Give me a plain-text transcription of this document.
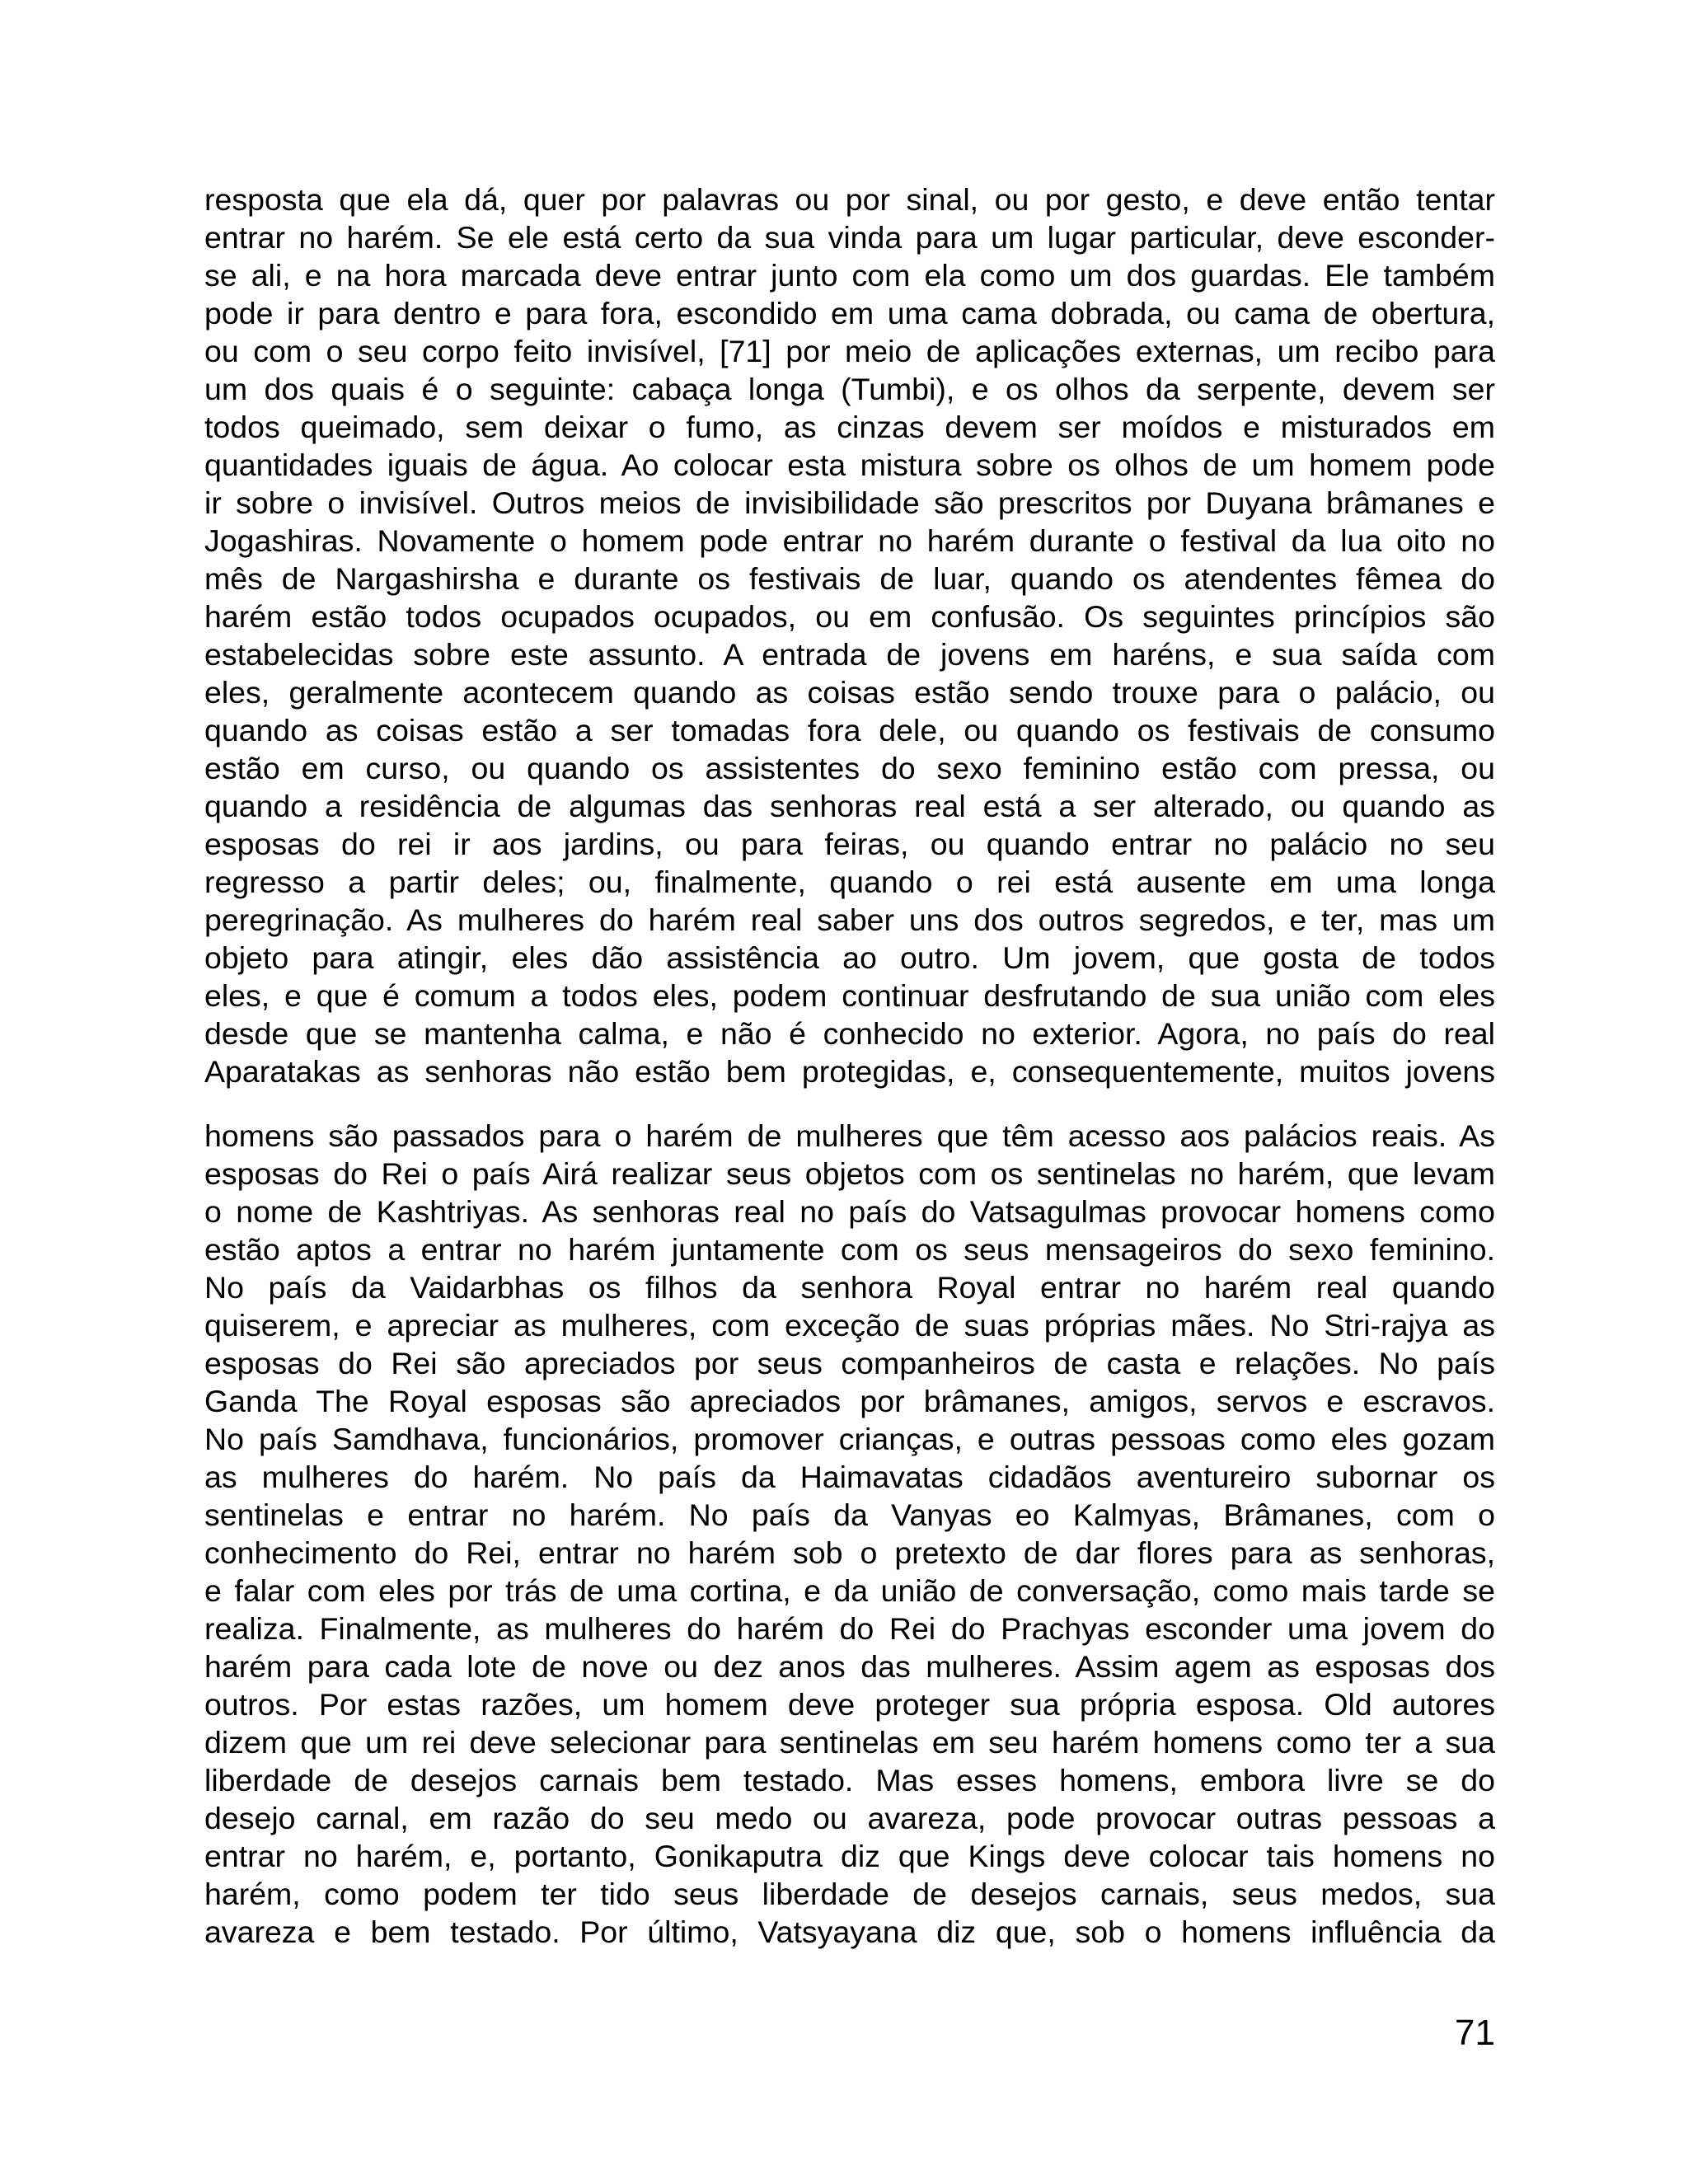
resposta que ela dá, quer por palavras ou por sinal, ou por gesto, e deve então tentar
entrar no harém. Se ele está certo da sua vinda para um lugar particular, deve esconder-
se ali, e na hora marcada deve entrar junto com ela como um dos guardas. Ele também
pode ir para dentro e para fora, escondido em uma cama dobrada, ou cama de obertura,
ou com o seu corpo feito invisível, [71] por meio de aplicações externas, um recibo para
um dos quais é o seguinte: cabaça longa (Tumbi), e os olhos da serpente, devem ser
todos queimado, sem deixar o fumo, as cinzas devem ser moídos e misturados em
quantidades iguais de água. Ao colocar esta mistura sobre os olhos de um homem pode
ir sobre o invisível. Outros meios de invisibilidade são prescritos por Duyana brâmanes e
Jogashiras. Novamente o homem pode entrar no harém durante o festival da lua oito no
mês de Nargashirsha e durante os festivais de luar, quando os atendentes fêmea do
harém estão todos ocupados ocupados, ou em confusão. Os seguintes princípios são
estabelecidas sobre este assunto. A entrada de jovens em haréns, e sua saída com
eles, geralmente acontecem quando as coisas estão sendo trouxe para o palácio, ou
quando as coisas estão a ser tomadas fora dele, ou quando os festivais de consumo
estão em curso, ou quando os assistentes do sexo feminino estão com pressa, ou
quando a residência de algumas das senhoras real está a ser alterado, ou quando as
esposas do rei ir aos jardins, ou para feiras, ou quando entrar no palácio no seu
regresso a partir deles; ou, finalmente, quando o rei está ausente em uma longa
peregrinação. As mulheres do harém real saber uns dos outros segredos, e ter, mas um
objeto para atingir, eles dão assistência ao outro. Um jovem, que gosta de todos
eles, e que é comum a todos eles, podem continuar desfrutando de sua união com eles
desde que se mantenha calma, e não é conhecido no exterior. Agora, no país do real
Aparatakas as senhoras não estão bem protegidas, e, consequentemente, muitos jovens
homens são passados para o harém de mulheres que têm acesso aos palácios reais. As
esposas do Rei o país Airá realizar seus objetos com os sentinelas no harém, que levam
o nome de Kashtriyas. As senhoras real no país do Vatsagulmas provocar homens como
estão aptos a entrar no harém juntamente com os seus mensageiros do sexo feminino.
No país da Vaidarbhas os filhos da senhora Royal entrar no harém real quando
quiserem, e apreciar as mulheres, com exceção de suas próprias mães. No Stri-rajya as
esposas do Rei são apreciados por seus companheiros de casta e relações. No país
Ganda The Royal esposas são apreciados por brâmanes, amigos, servos e escravos.
No país Samdhava, funcionários, promover crianças, e outras pessoas como eles gozam
as mulheres do harém. No país da Haimavatas cidadãos aventureiro subornar os
sentinelas e entrar no harém. No país da Vanyas eo Kalmyas, Brâmanes, com o
conhecimento do Rei, entrar no harém sob o pretexto de dar flores para as senhoras,
e falar com eles por trás de uma cortina, e da união de conversação, como mais tarde se
realiza. Finalmente, as mulheres do harém do Rei do Prachyas esconder uma jovem do
harém para cada lote de nove ou dez anos das mulheres. Assim agem as esposas dos
outros. Por estas razões, um homem deve proteger sua própria esposa. Old autores
dizem que um rei deve selecionar para sentinelas em seu harém homens como ter a sua
liberdade de desejos carnais bem testado. Mas esses homens, embora livre se do
desejo carnal, em razão do seu medo ou avareza, pode provocar outras pessoas a
entrar no harém, e, portanto, Gonikaputra diz que Kings deve colocar tais homens no
harém, como podem ter tido seus liberdade de desejos carnais, seus medos, sua
avareza e bem testado. Por último, Vatsyayana diz que, sob o homens influência da
71
